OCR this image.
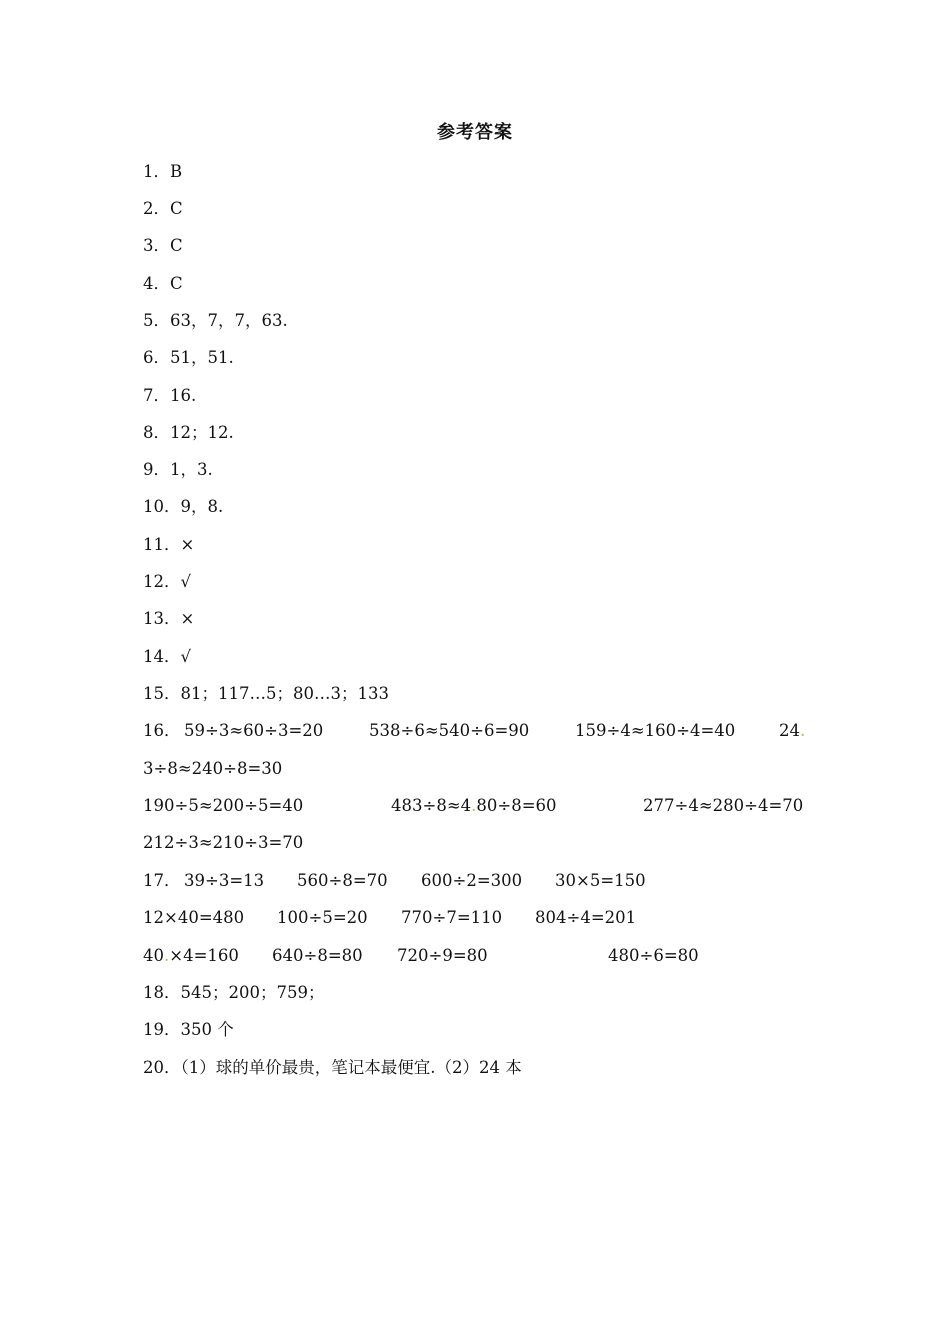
参考答案
1．B
2．C
3．C
4．C
5．63，7，7，63.
6．51，51.
7．16.
8．12；12.
9．1，3.
10．9，8.
11．×
12．√
13．×
14．√
15．81；117…5；80…3；133
16． 59÷3≈60÷3=20	538÷6≈540÷6=90	159÷4≈160÷4=40	24.
3÷8≈240÷8=30
190÷5≈200÷5=40	483÷8≈4.80÷8=60	277÷4≈280÷4=70
212÷3≈210÷3=70
17． 39÷3=13 560÷8=70 600÷2=300 30×5=150
12×40=480 100÷5=20 770÷7=110 804÷4=201
40.×4=160 640÷8=80 720÷9=80	480÷6=80
18．545；200；759；
19．350 个
20．（1）球的单价最贵，笔记本最便宜.（2）24 本
